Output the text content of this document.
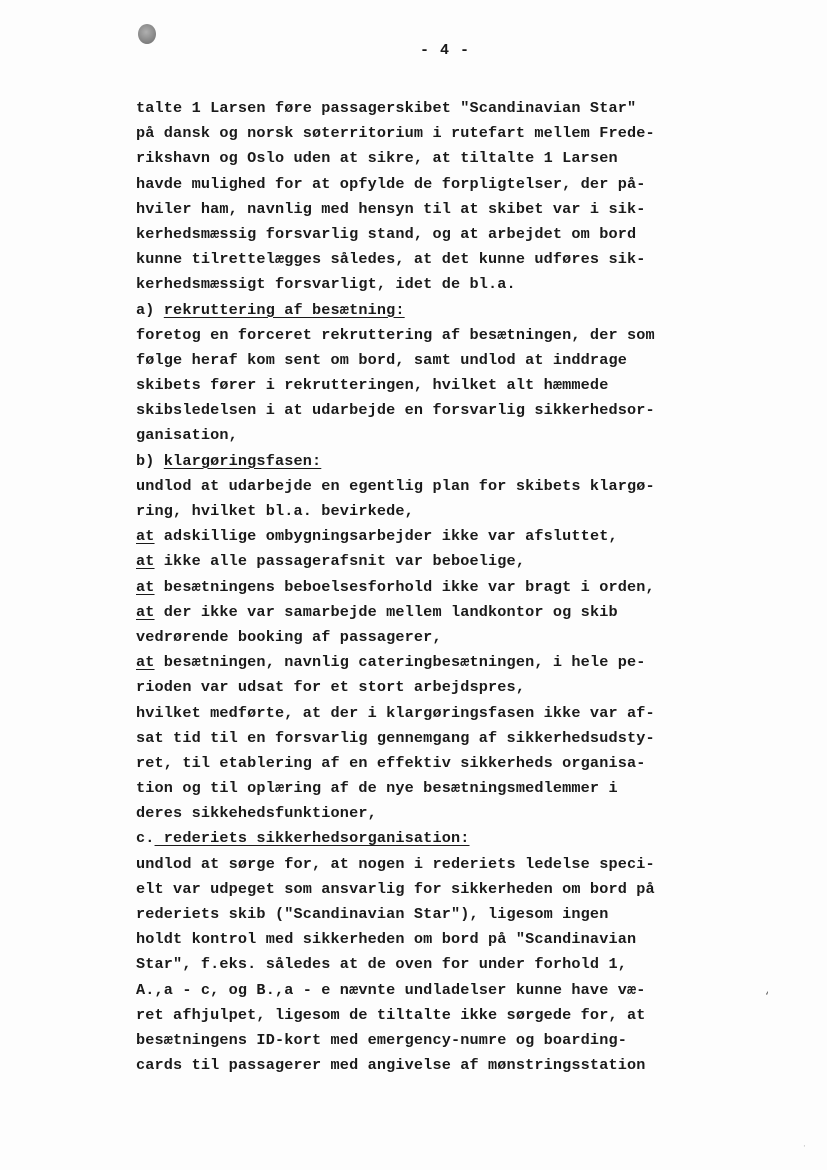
- 4 -
talte 1 Larsen føre passagerskibet "Scandinavian Star"
på dansk og norsk søterritorium i rutefart mellem Frede-
rikshavn og Oslo uden at sikre, at tiltalte 1 Larsen
havde mulighed for at opfylde de forpligtelser, der på-
hviler ham, navnlig med hensyn til at skibet var i sik-
kerhedsmæssig forsvarlig stand, og at arbejdet om bord
kunne tilrettelægges således, at det kunne udføres sik-
kerhedsmæssigt forsvarligt, idet de bl.a.
a) rekruttering af besætning:
foretog en forceret rekruttering af besætningen, der som
følge heraf kom sent om bord, samt undlod at inddrage
skibets fører i rekrutteringen, hvilket alt hæmmede
skibsledelsen i at udarbejde en forsvarlig sikkerhedsor-
ganisation,
b) klargøringsfasen:
undlod at udarbejde en egentlig plan for skibets klargø-
ring, hvilket bl.a. bevirkede,
at adskillige ombygningsarbejder ikke var afsluttet,
at ikke alle passagerafsnit var beboelige,
at besætningens beboelsesforhold ikke var bragt i orden,
at der ikke var samarbejde mellem landkontor og skib
vedrørende booking af passagerer,
at besætningen, navnlig cateringbesætningen, i hele pe-
rioden var udsat for et stort arbejdspres,
hvilket medførte, at der i klargøringsfasen ikke var af-
sat tid til en forsvarlig gennemgang af sikkerhedsudsty-
ret, til etablering af en effektiv sikkerheds organisa-
tion og til oplæring af de nye besætningsmedlemmer i
deres sikkehedsfunktioner,
c. rederiets sikkerhedsorganisation:
undlod at sørge for, at nogen i rederiets ledelse speci-
elt var udpeget som ansvarlig for sikkerheden om bord på
rederiets skib ("Scandinavian Star"), ligesom ingen
holdt kontrol med sikkerheden om bord på "Scandinavian
Star", f.eks. således at de oven for under forhold 1,
A.,a - c, og B.,a - e nævnte undladelser kunne have væ-
ret afhjulpet, ligesom de tiltalte ikke sørgede for, at
besætningens ID-kort med emergency-numre og boarding-
cards til passagerer med angivelse af mønstringsstation
‘
·
